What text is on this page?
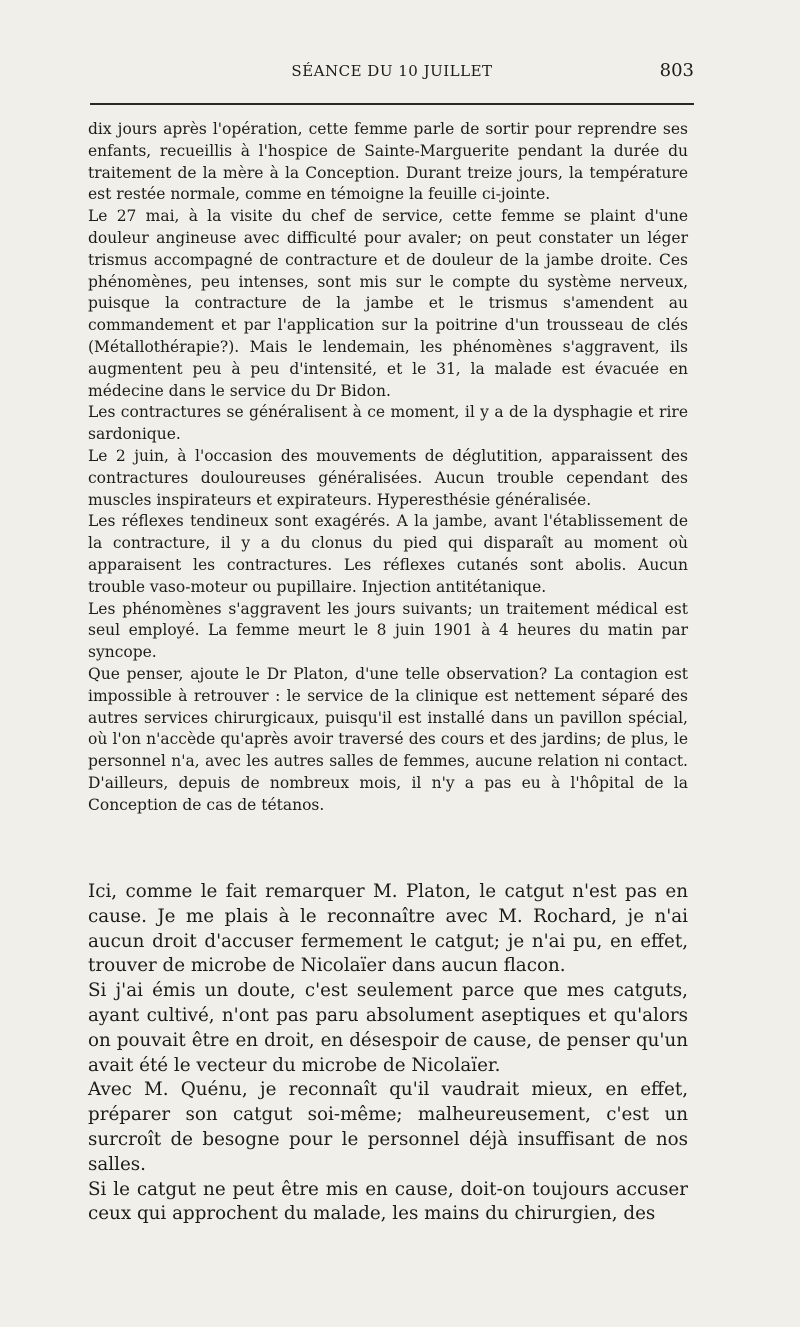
SÉANCE DU 10 JUILLET	803

dix jours après l'opération, cette femme parle de sortir pour reprendre ses enfants, recueillis à l'hospice de Sainte-Marguerite pendant la durée du traitement de la mère à la Conception. Durant treize jours, la température est restée normale, comme en témoigne la feuille ci-jointe.

Le 27 mai, à la visite du chef de service, cette femme se plaint d'une douleur angineuse avec difficulté pour avaler; on peut constater un léger trismus accompagné de contracture et de douleur de la jambe droite. Ces phénomènes, peu intenses, sont mis sur le compte du système nerveux, puisque la contracture de la jambe et le trismus s'amendent au commandement et par l'application sur la poitrine d'un trousseau de clés (Métallothérapie?). Mais le lendemain, les phénomènes s'aggravent, ils augmentent peu à peu d'intensité, et le 31, la malade est évacuée en médecine dans le service du Dr Bidon.

Les contractures se généralisent à ce moment, il y a de la dysphagie et rire sardonique.

Le 2 juin, à l'occasion des mouvements de déglutition, apparaissent des contractures douloureuses généralisées. Aucun trouble cependant des muscles inspirateurs et expirateurs. Hyperesthésie généralisée.

Les réflexes tendineux sont exagérés. A la jambe, avant l'établissement de la contracture, il y a du clonus du pied qui disparaît au moment où apparaisent les contractures. Les réflexes cutanés sont abolis. Aucun trouble vaso-moteur ou pupillaire. Injection antitétanique.

Les phénomènes s'aggravent les jours suivants; un traitement médical est seul employé. La femme meurt le 8 juin 1901 à 4 heures du matin par syncope.

Que penser, ajoute le Dr Platon, d'une telle observation? La contagion est impossible à retrouver : le service de la clinique est nettement séparé des autres services chirurgicaux, puisqu'il est installé dans un pavillon spécial, où l'on n'accède qu'après avoir traversé des cours et des jardins; de plus, le personnel n'a, avec les autres salles de femmes, aucune relation ni contact. D'ailleurs, depuis de nombreux mois, il n'y a pas eu à l'hôpital de la Conception de cas de tétanos.

Ici, comme le fait remarquer M. Platon, le catgut n'est pas en cause. Je me plais à le reconnaître avec M. Rochard, je n'ai aucun droit d'accuser fermement le catgut; je n'ai pu, en effet, trouver de microbe de Nicolaïer dans aucun flacon.

Si j'ai émis un doute, c'est seulement parce que mes catguts, ayant cultivé, n'ont pas paru absolument aseptiques et qu'alors on pouvait être en droit, en désespoir de cause, de penser qu'un avait été le vecteur du microbe de Nicolaïer.

Avec M. Quénu, je reconnaît qu'il vaudrait mieux, en effet, préparer son catgut soi-même; malheureusement, c'est un surcroît de besogne pour le personnel déjà insuffisant de nos salles.

Si le catgut ne peut être mis en cause, doit-on toujours accuser ceux qui approchent du malade, les mains du chirurgien, des
